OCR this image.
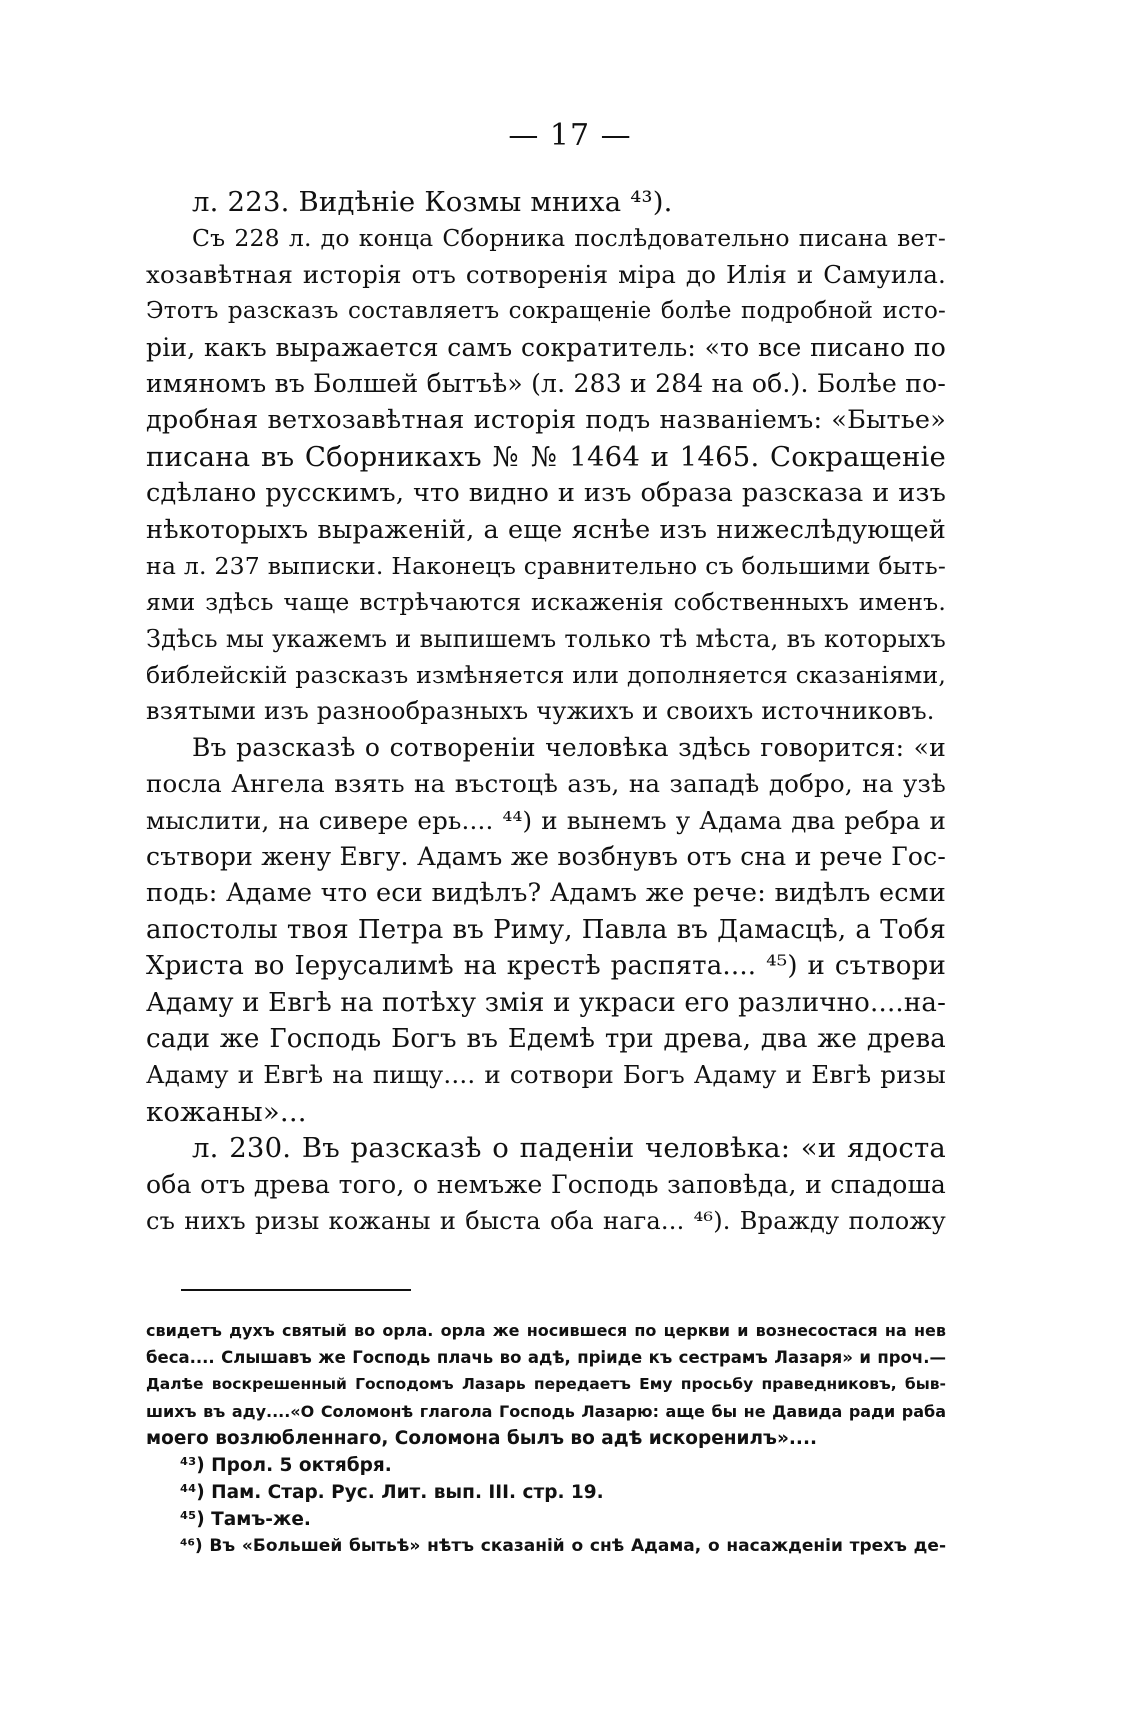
— 17 —
л. 223. Видѣніе Козмы мниха ⁴³).
Съ 228 л. до конца Сборника послѣдовательно писана вет-
хозавѣтная исторія отъ сотворенія міра до Илія и Самуила.
Этотъ разсказъ составляетъ сокращеніе болѣе подробной исто-
ріи, какъ выражается самъ сократитель: «то все писано по
имяномъ въ Болшей бытъѣ» (л. 283 и 284 на об.). Болѣе по-
дробная ветхозавѣтная исторія подъ названіемъ: «Бытье»
писана въ Сборникахъ № № 1464 и 1465. Сокращеніе
сдѣлано русскимъ, что видно и изъ образа разсказа и изъ
нѣкоторыхъ выраженій, а еще яснѣе изъ нижеслѣдующей
на л. 237 выписки. Наконецъ сравнительно съ большими быть-
ями здѣсь чаще встрѣчаются искаженія собственныхъ именъ.
Здѣсь мы укажемъ и выпишемъ только тѣ мѣста, въ которыхъ
библейскій разсказъ измѣняется или дополняется сказаніями,
взятыми изъ разнообразныхъ чужихъ и своихъ источниковъ.
Въ разсказѣ о сотвореніи человѣка здѣсь говорится: «и
посла Ангела взять на въстоцѣ азъ, на западѣ добро, на узѣ
мыслити, на сивере ерь.... ⁴⁴) и вынемъ у Адама два ребра и
сътвори жену Евгу. Адамъ же возбнувъ отъ сна и рече Гос-
подь: Адаме что еси видѣлъ? Адамъ же рече: видѣлъ есми
апостолы твоя Петра въ Риму, Павла въ Дамасцѣ, а Тобя
Христа во Іерусалимѣ на крестѣ распята.... ⁴⁵) и сътвори
Адаму и Евгѣ на потѣху змія и украси его различно....на-
сади же Господь Богъ въ Едемѣ три древа, два же древа
Адаму и Евгѣ на пищу.... и сотвори Богъ Адаму и Евгѣ ризы
кожаны»...
л. 230. Въ разсказѣ о паденіи человѣка: «и ядоста
оба отъ древа того, о немъже Господь заповѣда, и спадоша
съ нихъ ризы кожаны и быста оба нага... ⁴⁶). Вражду положу
свидетъ духъ святый во орла. орла же носившеся по церкви и вознесостася на нев
беса.... Слышавъ же Господь плачь во адѣ, пріиде къ сестрамъ Лазаря» и проч.—
Далѣе воскрешенный Господомъ Лазарь передаетъ Ему просьбу праведниковъ, быв-
шихъ въ аду....«О Соломонѣ глагола Господь Лазарю: аще бы не Давида ради раба
моего возлюбленнаго, Соломона былъ во адѣ искоренилъ»....
⁴³) Прол. 5 октября.
⁴⁴) Пам. Стар. Рус. Лит. вып. III. стр. 19.
⁴⁵) Тамъ-же.
⁴⁶) Въ «Большей бытьѣ» нѣтъ сказаній о снѣ Адама, о насажденіи трехъ де-
